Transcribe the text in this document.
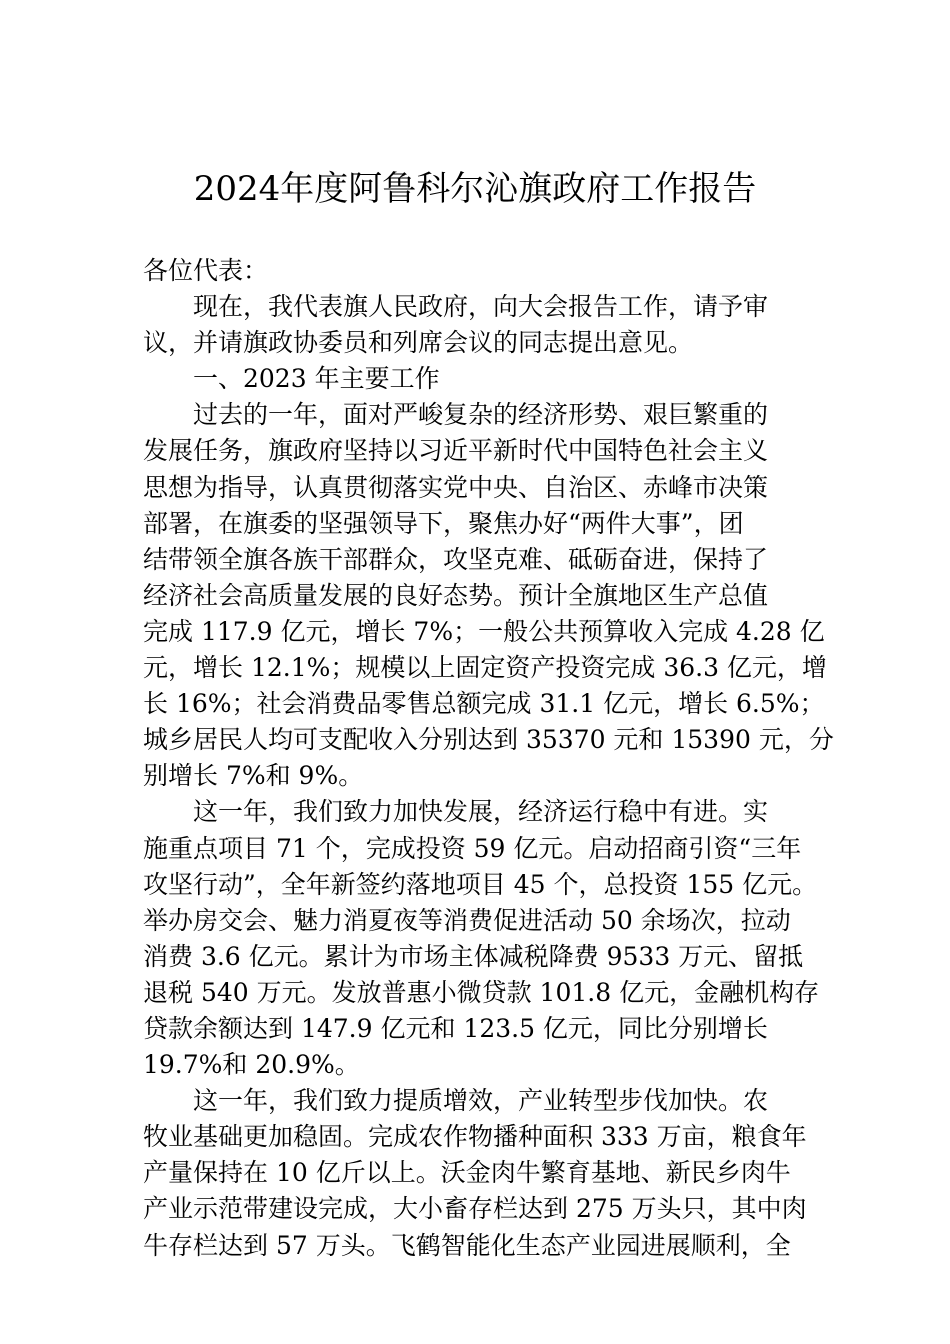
2024年度阿鲁科尔沁旗政府工作报告
各位代表：
现在，我代表旗人民政府，向大会报告工作，请予审
议，并请旗政协委员和列席会议的同志提出意见。
一、2023 年主要工作
过去的一年，面对严峻复杂的经济形势、艰巨繁重的
发展任务，旗政府坚持以习近平新时代中国特色社会主义
思想为指导，认真贯彻落实党中央、自治区、赤峰市决策
部署，在旗委的坚强领导下，聚焦办好“两件大事”，团
结带领全旗各族干部群众，攻坚克难、砥砺奋进，保持了
经济社会高质量发展的良好态势。预计全旗地区生产总值
完成 117.9 亿元，增长 7%；一般公共预算收入完成 4.28 亿
元，增长 12.1%；规模以上固定资产投资完成 36.3 亿元，增
长 16%；社会消费品零售总额完成 31.1 亿元，增长 6.5%；
城乡居民人均可支配收入分别达到 35370 元和 15390 元，分
别增长 7%和 9%。
这一年，我们致力加快发展，经济运行稳中有进。实
施重点项目 71 个，完成投资 59 亿元。启动招商引资“三年
攻坚行动”，全年新签约落地项目 45 个，总投资 155 亿元。
举办房交会、魅力消夏夜等消费促进活动 50 余场次，拉动
消费 3.6 亿元。累计为市场主体减税降费 9533 万元、留抵
退税 540 万元。发放普惠小微贷款 101.8 亿元，金融机构存
贷款余额达到 147.9 亿元和 123.5 亿元，同比分别增长
19.7%和 20.9%。
这一年，我们致力提质增效，产业转型步伐加快。农
牧业基础更加稳固。完成农作物播种面积 333 万亩，粮食年
产量保持在 10 亿斤以上。沃金肉牛繁育基地、新民乡肉牛
产业示范带建设完成，大小畜存栏达到 275 万头只，其中肉
牛存栏达到 57 万头。飞鹤智能化生态产业园进展顺利，全
